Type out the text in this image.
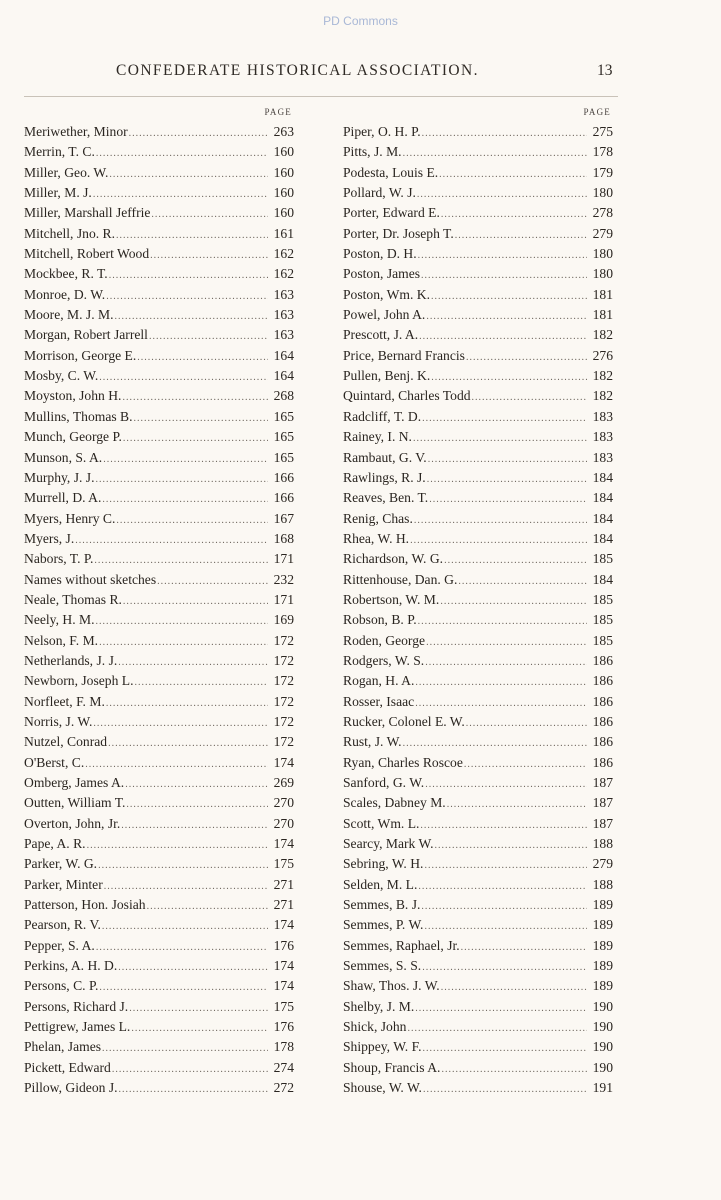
PD Commons
CONFEDERATE HISTORICAL ASSOCIATION.	13
PAGE
Meriwether, Minor .....	263
Merrin, T. C. .....	160
Miller, Geo. W. .....	160
Miller, M. J. .....	160
Miller, Marshall Jeffrie .....	160
Mitchell, Jno. R. .....	161
Mitchell, Robert Wood .....	162
Mockbee, R. T. .....	162
Monroe, D. W. .....	163
Moore, M. J. M. .....	163
Morgan, Robert Jarrell .....	163
Morrison, George E. .....	164
Mosby, C. W. .....	164
Moyston, John H. .....	268
Mullins, Thomas B. .....	165
Munch, George P. .....	165
Munson, S. A. .....	165
Murphy, J. J. .....	166
Murrell, D. A. .....	166
Myers, Henry C. .....	167
Myers, J. .....	168
Nabors, T. P. .....	171
Names without sketches .....	232
Neale, Thomas R. .....	171
Neely, H. M. .....	169
Nelson, F. M. .....	172
Netherlands, J. J. .....	172
Newborn, Joseph L. .....	172
Norfleet, F. M. .....	172
Norris, J. W. .....	172
Nutzel, Conrad .....	172
O'Berst, C. .....	174
Omberg, James A. .....	269
Outten, William T. .....	270
Overton, John, Jr. .....	270
Pape, A. R. .....	174
Parker, W. G. .....	175
Parker, Minter .....	271
Patterson, Hon. Josiah .....	271
Pearson, R. V. .....	174
Pepper, S. A. .....	176
Perkins, A. H. D. .....	174
Persons, C. P. .....	174
Persons, Richard J. .....	175
Pettigrew, James L. .....	176
Phelan, James .....	178
Pickett, Edward .....	274
Pillow, Gideon J. .....	272
PAGE
Piper, O. H. P. .....	275
Pitts, J. M. .....	178
Podesta, Louis E. .....	179
Pollard, W. J. .....	180
Porter, Edward E. .....	278
Porter, Dr. Joseph T. .....	279
Poston, D. H. .....	180
Poston, James .....	180
Poston, Wm. K. .....	181
Powel, John A. .....	181
Prescott, J. A. .....	182
Price, Bernard Francis .....	276
Pullen, Benj. K. .....	182
Quintard, Charles Todd .....	182
Radcliff, T. D. .....	183
Rainey, I. N. .....	183
Rambaut, G. V. .....	183
Rawlings, R. J. .....	184
Reaves, Ben. T. .....	184
Renig, Chas. .....	184
Rhea, W. H. .....	184
Richardson, W. G. .....	185
Rittenhouse, Dan. G. .....	184
Robertson, W. M. .....	185
Robson, B. P. .....	185
Roden, George .....	185
Rodgers, W. S. .....	186
Rogan, H. A. .....	186
Rosser, Isaac .....	186
Rucker, Colonel E. W. .....	186
Rust, J. W. .....	186
Ryan, Charles Roscoe .....	186
Sanford, G. W. .....	187
Scales, Dabney M. .....	187
Scott, Wm. L. .....	187
Searcy, Mark W. .....	188
Sebring, W. H. .....	279
Selden, M. L. .....	188
Semmes, B. J. .....	189
Semmes, P. W. .....	189
Semmes, Raphael, Jr. .....	189
Semmes, S. S. .....	189
Shaw, Thos. J. W. .....	189
Shelby, J. M. .....	190
Shick, John .....	190
Shippey, W. F. .....	190
Shoup, Francis A. .....	190
Shouse, W. W. .....	191
